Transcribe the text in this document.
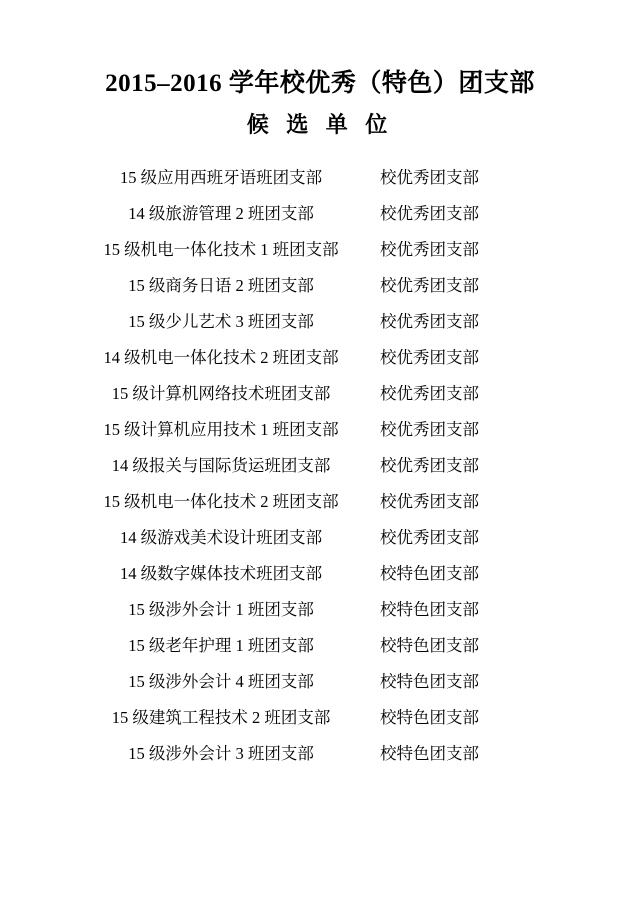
2015–2016 学年校优秀（特色）团支部
候 选 单 位
15 级应用西班牙语班团支部	校优秀团支部
14 级旅游管理 2 班团支部	校优秀团支部
15 级机电一体化技术 1 班团支部	校优秀团支部
15 级商务日语 2 班团支部	校优秀团支部
15 级少儿艺术 3 班团支部	校优秀团支部
14 级机电一体化技术 2 班团支部	校优秀团支部
15 级计算机网络技术班团支部	校优秀团支部
15 级计算机应用技术 1 班团支部	校优秀团支部
14 级报关与国际货运班团支部	校优秀团支部
15 级机电一体化技术 2 班团支部	校优秀团支部
14 级游戏美术设计班团支部	校优秀团支部
14 级数字媒体技术班团支部	校特色团支部
15 级涉外会计 1 班团支部	校特色团支部
15 级老年护理 1 班团支部	校特色团支部
15 级涉外会计 4 班团支部	校特色团支部
15 级建筑工程技术 2 班团支部	校特色团支部
15 级涉外会计 3 班团支部	校特色团支部
